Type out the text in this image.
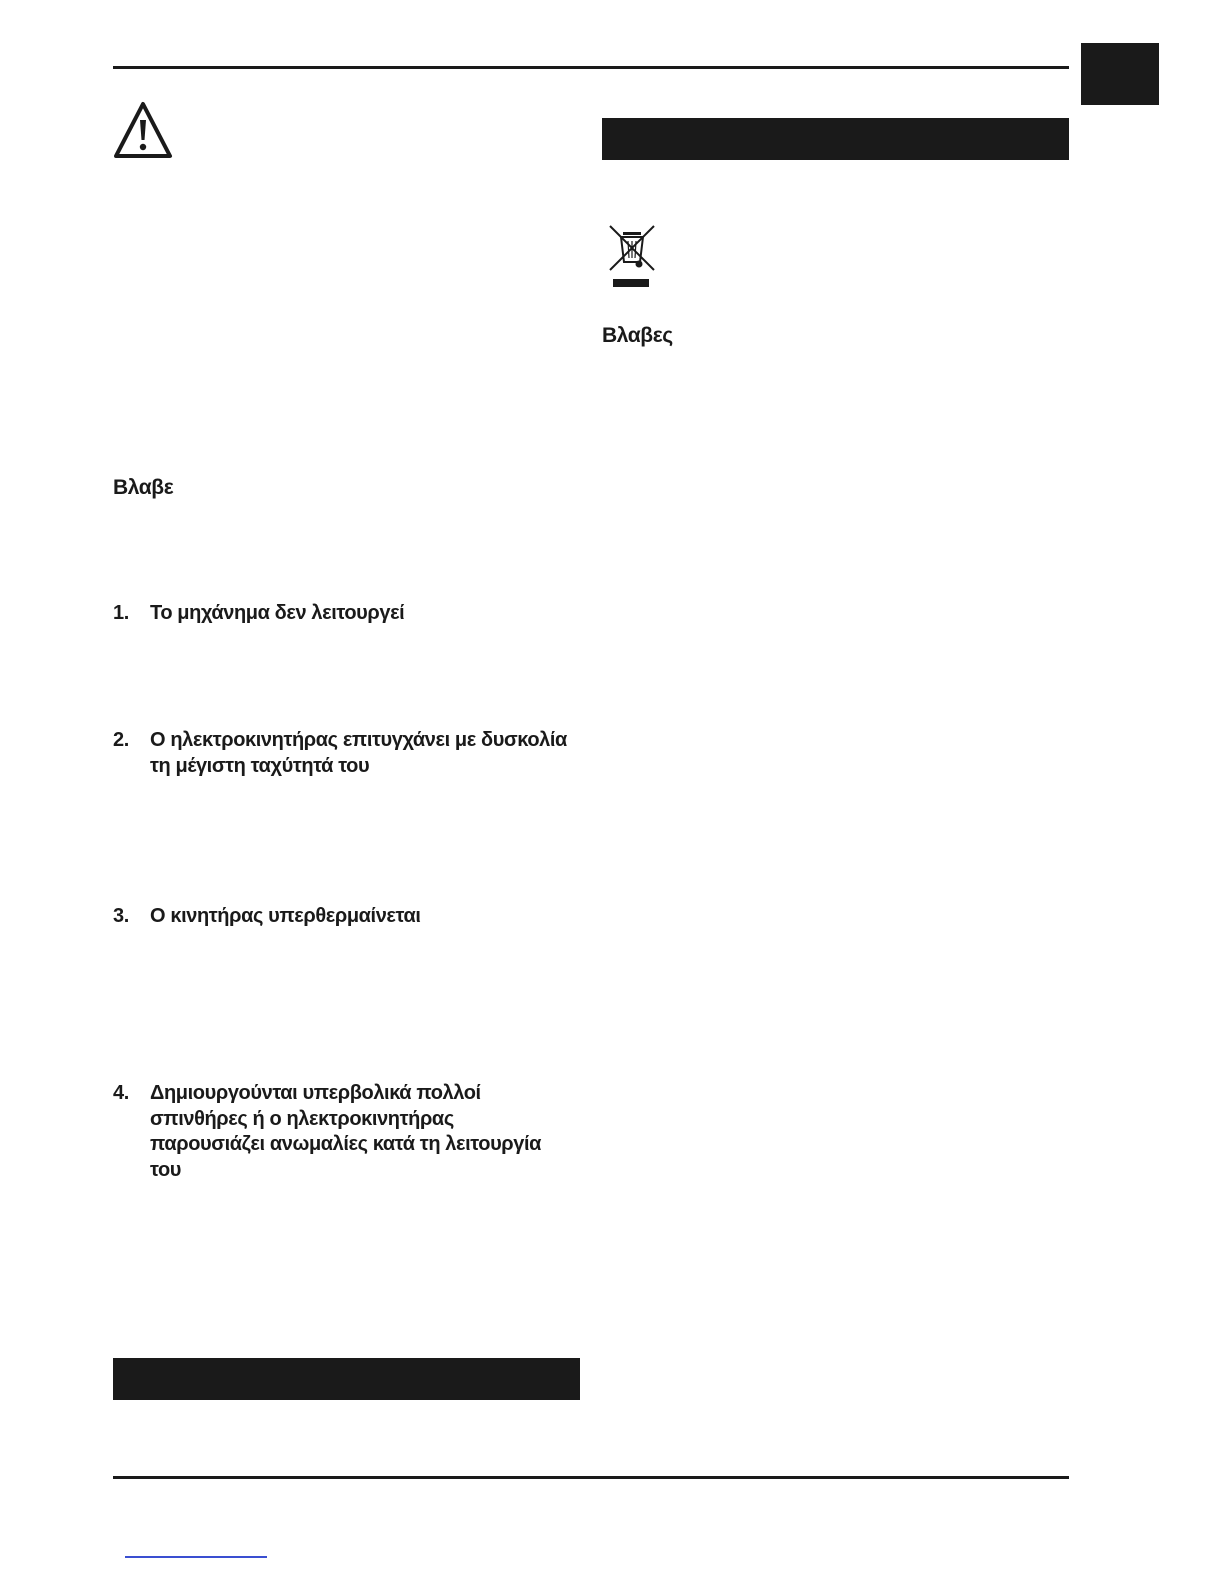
Βλαβες
Βλαβε
1. Το μηχάνημα δεν λειτουργεί
2. Ο ηλεκτροκινητήρας επιτυγχάνει με δυσκολία τη μέγιστη ταχύτητά του
3. Ο κινητήρας υπερθερμαίνεται
4. Δημιουργούνται υπερβολικά πολλοί σπινθήρες ή ο ηλεκτροκινητήρας παρουσιάζει ανωμαλίες κατά τη λειτουργία του
